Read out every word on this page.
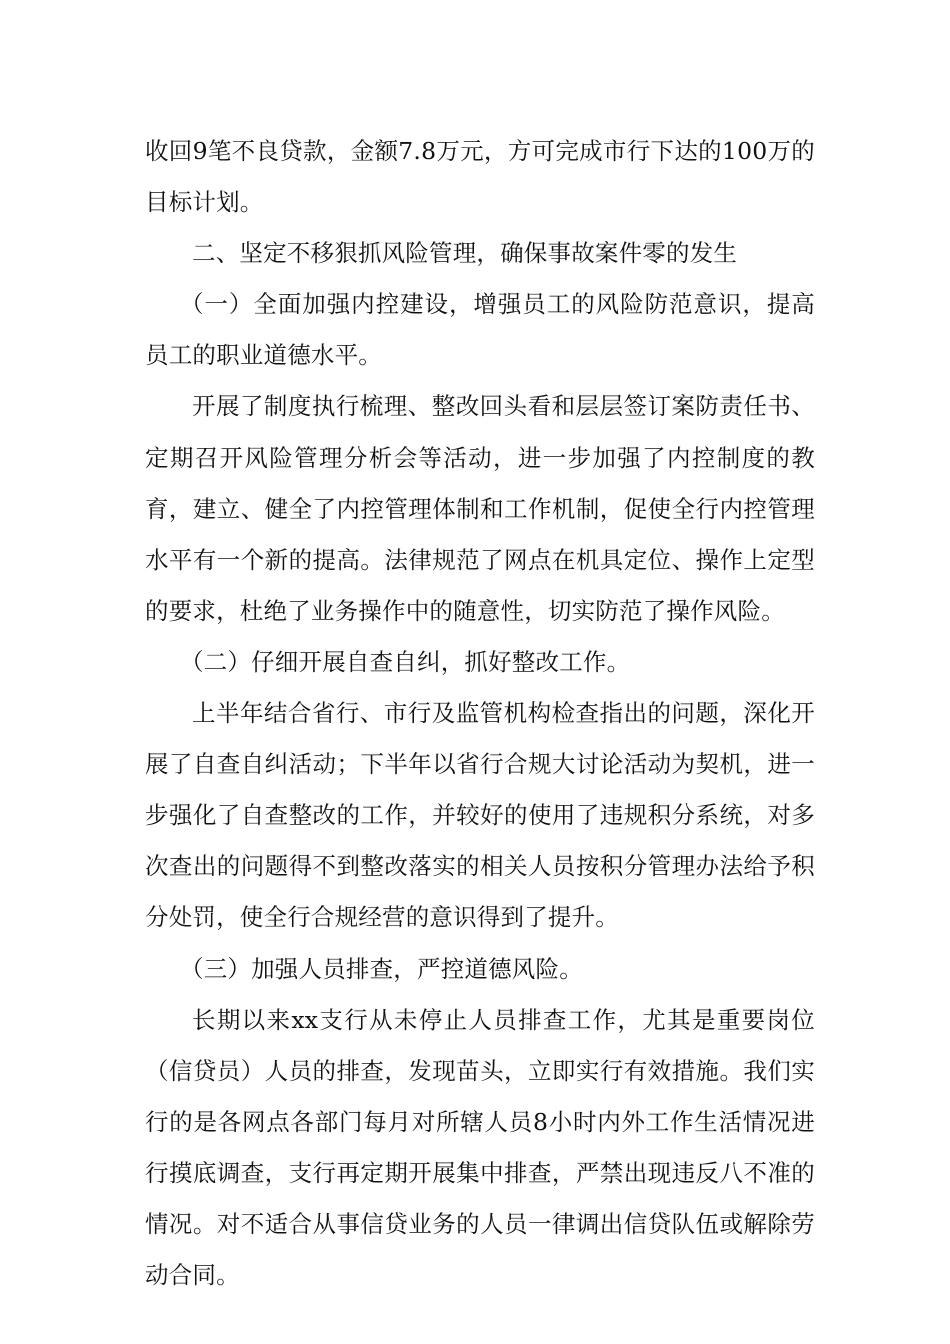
收回9笔不良贷款，金额7.8万元，方可完成市行下达的100万的目标计划。

二、坚定不移狠抓风险管理，确保事故案件零的发生

（一）全面加强内控建设，增强员工的风险防范意识，提高员工的职业道德水平。

开展了制度执行梳理、整改回头看和层层签订案防责任书、定期召开风险管理分析会等活动，进一步加强了内控制度的教育，建立、健全了内控管理体制和工作机制，促使全行内控管理水平有一个新的提高。法律规范了网点在机具定位、操作上定型的要求，杜绝了业务操作中的随意性，切实防范了操作风险。

（二）仔细开展自查自纠，抓好整改工作。

上半年结合省行、市行及监管机构检查指出的问题，深化开展了自查自纠活动；下半年以省行合规大讨论活动为契机，进一步强化了自查整改的工作，并较好的使用了违规积分系统，对多次查出的问题得不到整改落实的相关人员按积分管理办法给予积分处罚，使全行合规经营的意识得到了提升。

（三）加强人员排查，严控道德风险。

长期以来xx支行从未停止人员排查工作，尤其是重要岗位（信贷员）人员的排查，发现苗头，立即实行有效措施。我们实行的是各网点各部门每月对所辖人员8小时内外工作生活情况进行摸底调查，支行再定期开展集中排查，严禁出现违反八不准的情况。对不适合从事信贷业务的人员一律调出信贷队伍或解除劳动合同。
